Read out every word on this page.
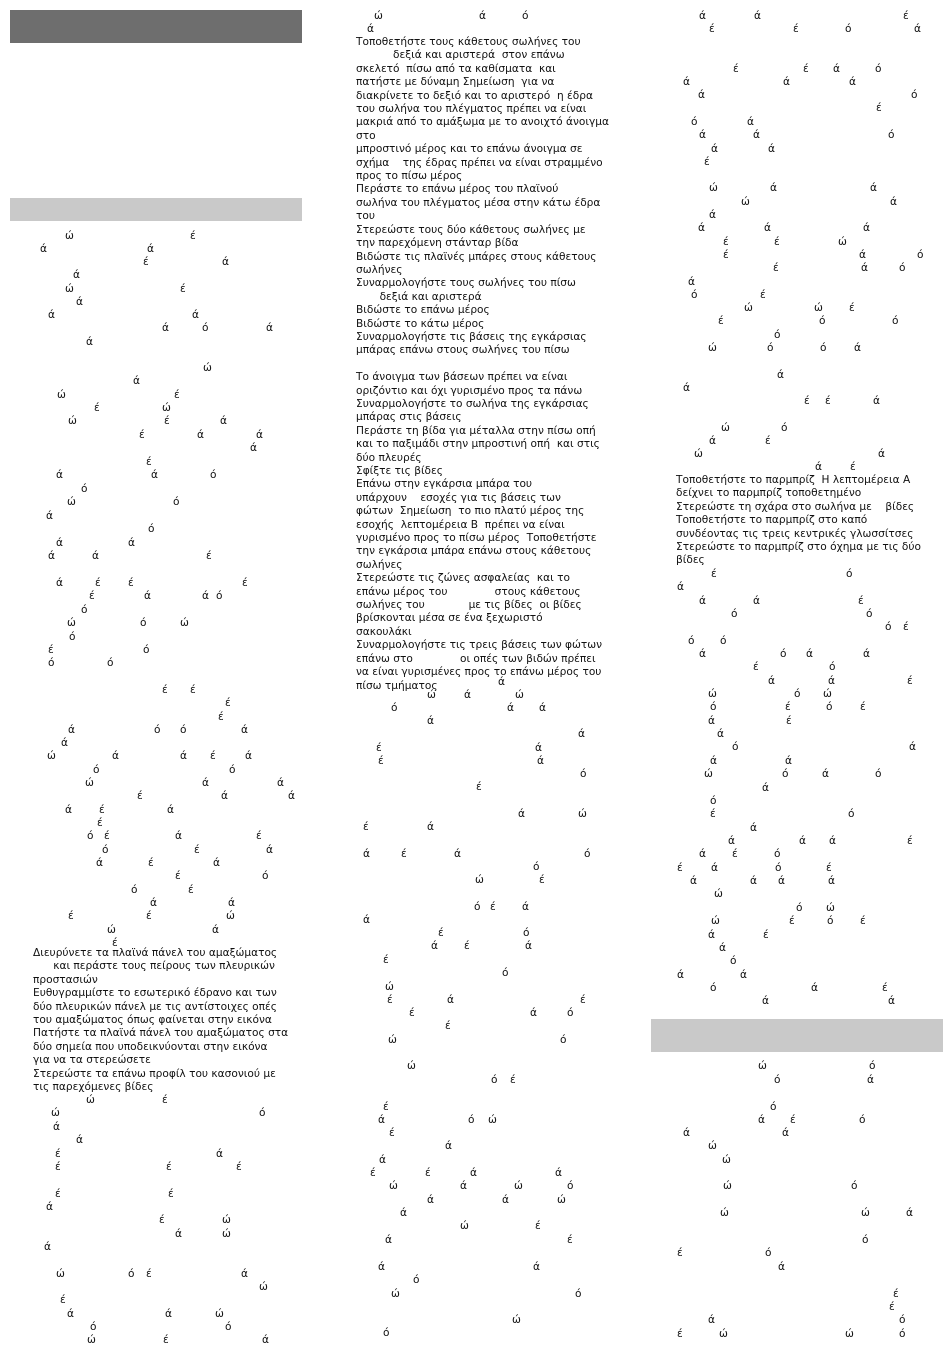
Διευρύνετε τα πλαϊνά πάνελ του αμαξώματος
και περάστε τους πείρους των πλευρικών
προστασιών
Ευθυγραμμίστε το εσωτερικό έδρανο και των
δύο πλευρικών πάνελ με τις αντίστοιχες οπές
του αμαξώματος όπως φαίνεται στην εικόνα
Πατήστε τα πλαϊνά πάνελ του αμαξώματος στα
δύο σημεία που υποδεικνύονται στην εικόνα
για να τα στερεώσετε
Στερεώστε τα επάνω προφίλ του κασονιού με
τις παρεχόμενες βίδες
Τοποθετήστε τους κάθετους σωλήνες του
δεξιά και αριστερά  στον επάνω
σκελετό  πίσω από τα καθίσματα  και
πατήστε με δύναμη Σημείωση  για να
διακρίνετε το δεξιό και το αριστερό  η έδρα
του σωλήνα του πλέγματος πρέπει να είναι
μακριά από το αμάξωμα με το ανοιχτό άνοιγμα στο
μπροστινό μέρος και το επάνω άνοιγμα σε
σχήμα    της έδρας πρέπει να είναι στραμμένο
προς το πίσω μέρος
Περάστε το επάνω μέρος του πλαϊνού
σωλήνα του πλέγματος μέσα στην κάτω έδρα
του
Στερεώστε τους δύο κάθετους σωλήνες με
την παρεχόμενη στάνταρ βίδα
Βιδώστε τις πλαϊνές μπάρες στους κάθετους
σωλήνες
Συναρμολογήστε τους σωλήνες του πίσω
δεξιά και αριστερά
Βιδώστε το επάνω μέρος
Βιδώστε το κάτω μέρος
Συναρμολογήστε τις βάσεις της εγκάρσιας
μπάρας επάνω στους σωλήνες του πίσω

Το άνοιγμα των βάσεων πρέπει να είναι
οριζόντιο και όχι γυρισμένο προς τα πάνω
Συναρμολογήστε το σωλήνα της εγκάρσιας
μπάρας στις βάσεις
Περάστε τη βίδα για μέταλλα στην πίσω οπή
και το παξιμάδι στην μπροστινή οπή  και στις
δύο πλευρές
Σφίξτε τις βίδες
Επάνω στην εγκάρσια μπάρα του
υπάρχουν    εσοχές για τις βάσεις των
φώτων  Σημείωση  το πιο πλατύ μέρος της
εσοχής  λεπτομέρεια Β  πρέπει να είναι
γυρισμένο προς το πίσω μέρος  Τοποθετήστε
την εγκάρσια μπάρα επάνω στους κάθετους
σωλήνες
Στερεώστε τις ζώνες ασφαλείας  και το
επάνω μέρος του              στους κάθετους
σωλήνες του             με τις βίδες  οι βίδες
βρίσκονται μέσα σε ένα ξεχωριστό
σακουλάκι
Συναρμολογήστε τις τρεις βάσεις των φώτων
επάνω στο              οι οπές των βιδών πρέπει
να είναι γυρισμένες προς το επάνω μέρος του
πίσω τμήματος
Τοποθετήστε το παρμπρίζ  Η λεπτομέρεια Α
δείχνει το παρμπρίζ τοποθετημένο
Στερεώστε τη σχάρα στο σωλήνα με    βίδες
Τοποθετήστε το παρμπρίζ στο καπό
συνδέοντας τις τρεις κεντρικές γλωσσίτσες
Στερεώστε το παρμπρίζ στο όχημα με τις δύο
βίδες
ώ	έ
ά	ά
έ	ά
ά
ώ	έ
ά
ά	ά
ά	ό	ά
ά
ώ
ά
ώ	έ
έ	ώ
ώ	έ	ά
έ	ά	ά
ά
έ
ά	ά	ό
ό
ώ	ό
ά
ό
ά	ά
ά	ά	έ
ά	έ	έ	έ
έ	ά	ά ό
ό
ώ	ό	ώ
ό
έ	ό
ό	ό
έ έ
έ
έ
ά	ό ό	ά
ά
ώ	ά	ά έ	ά
ό	ό
ώ	ά	ά
έ	ά	ά
ά	έ	ά
έ
ό έ	ά	έ
ό	έ	ά
ά	έ	ά
έ	ό
ό	έ
ά	ά
έ	έ	ώ
ώ	ά
έ
ώ	έ
ώ	ό
ά
ά
έ	ά
έ	έ	έ
έ	έ
ά
έ	ώ
ά	ώ
ά
ώ	ό έ	ά
ώ
έ
ά	ά	ώ
ό	ό
ώ	έ	ά
ώ	ά	ό
ά
ά
ώ	ά	ώ
ό	ά ά
ά
ά
έ	ά
έ	ά
ό
έ
ά	ώ
έ	ά
ά	έ	ά	ό
ό
ώ	έ
ό έ ά
ά
έ	ό
ά έ	ά
έ
ό
ώ
έ	ά	έ
έ	ά	ό
έ
ώ	ό
ώ
ό έ
έ
ά	ό ώ
έ
ά
ά
έ	έ	ά	ά
ώ	ά	ώ	ό
ά	ά	ώ
ά
ώ	έ
ά	έ
ά	ά
ό
ώ	ό
ώ
ό
ά	ά	έ
έ	έ	ό	ά
έ	έ ά	ό
ά	ά	ά
ά	ό
έ
ό	ά
ά	ά	ό
ά	ά
έ
ώ	ά	ά
ώ	ά
ά
ά	ά	ά
έ	έ	ώ
έ	ά	ό
έ	ά	ό
ά
ό	έ
ώ	ώ έ
έ	ό	ό
ό
ώ	ό	ό	ά
ά
ά
έ έ	ά
ώ	ό
ά	έ
ώ	ά
ά	έ
έ	ό
ά
ά	ά	έ
ό	ό
ό έ
ό ό
ά	ό ά	ά
έ	ό
ά	ά	έ
ώ	ό ώ
ό	έ	ό	έ
ά	έ
ά
ό	ά
ά	ά
ώ	ό	ά	ό
ά
ό
έ	ό
ά
ά	ά ά	έ
ά έ	ό
έ	ά	ό	έ
ά	ά ά	ά
ώ
ό ώ
ώ	έ	ό	έ
ά	έ
ά
ό
ά
ά
ό	ά	έ
ά	ά
ώ	ό
ό	ά
ό
ά έ	ό
ά	ά
ώ
ώ
ώ	ό
ώ	ώ	ά
ό
έ	ό
ά
έ
έ
ά	ό
έ	ώ	ώ	ό
